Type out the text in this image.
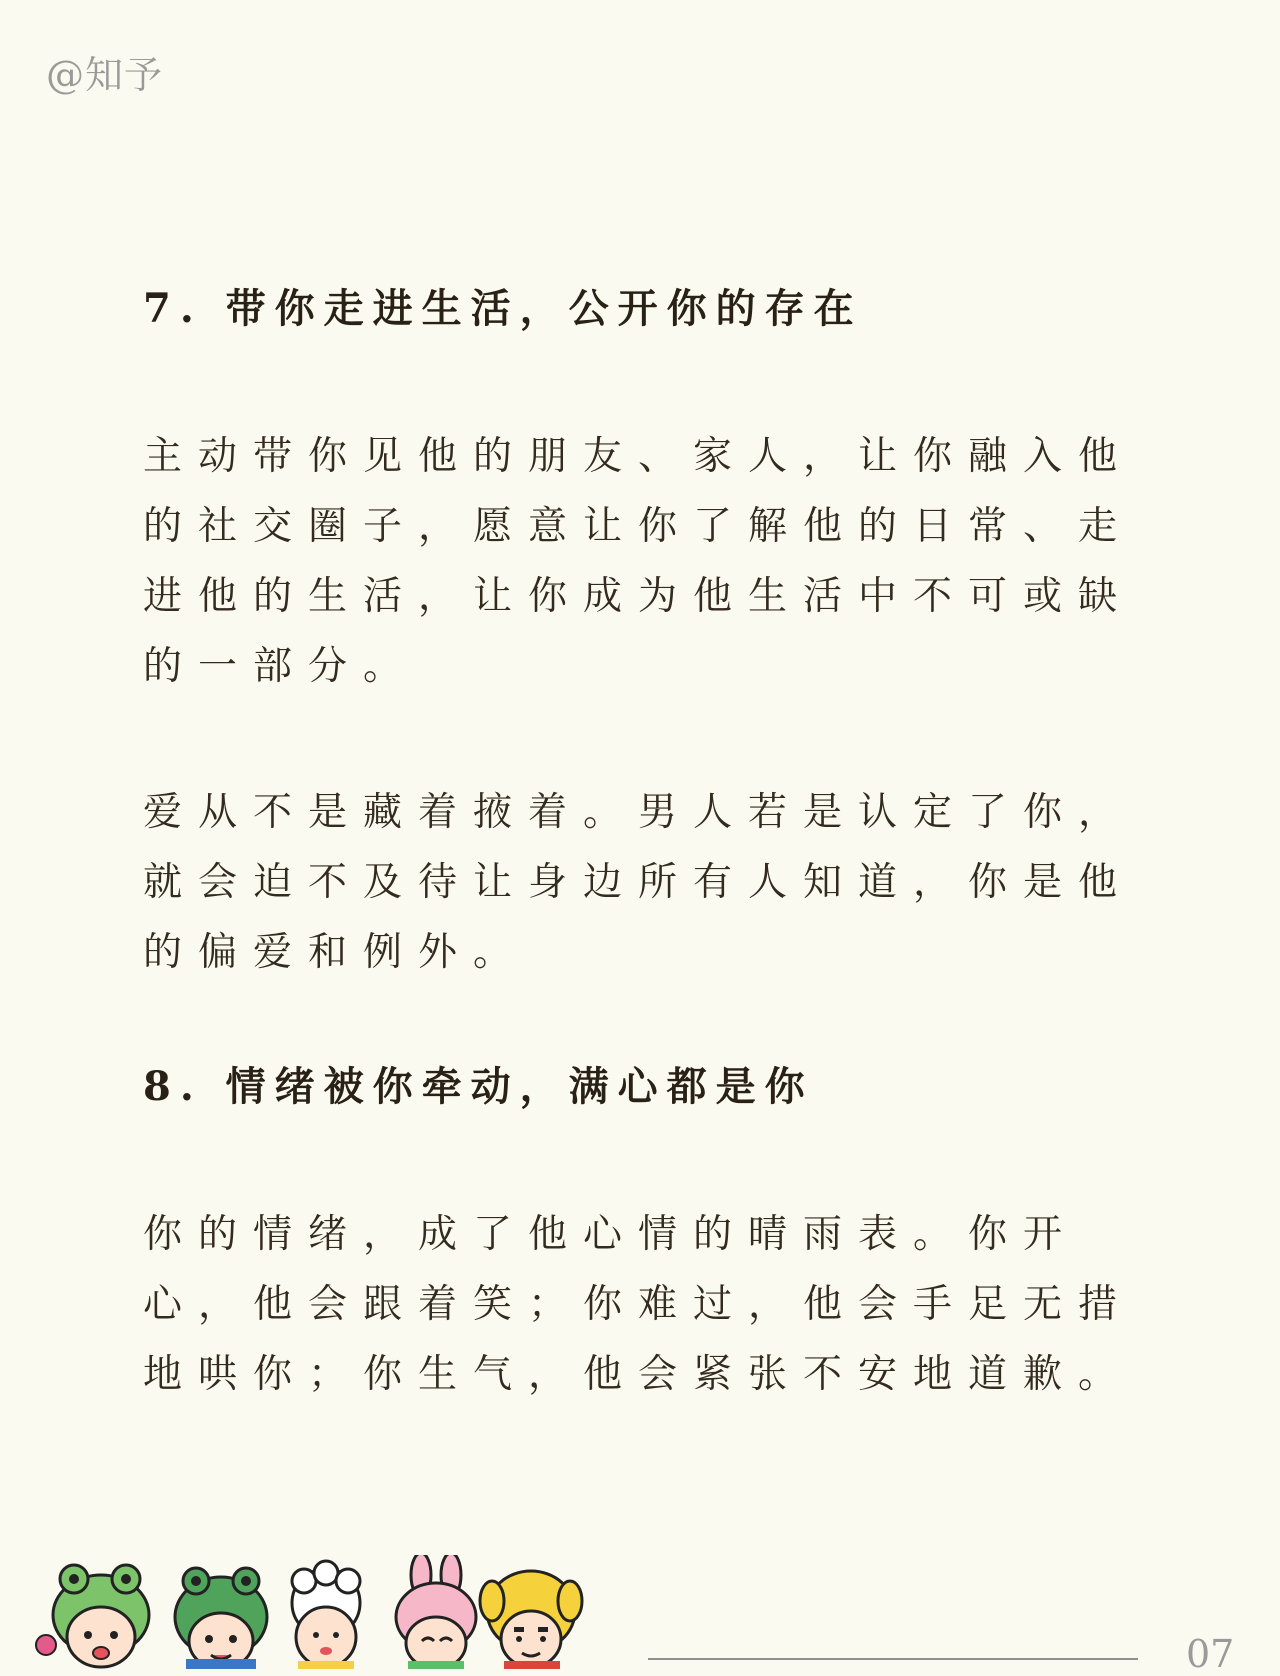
@知予
7. 带你走进生活，公开你的存在

主动带你见他的朋友、家人，让你融入他

的社交圈子，愿意让你了解他的日常、走

进他的生活，让你成为他生活中不可或缺

的一部分。

爱从不是藏着掖着。男人若是认定了你，

就会迫不及待让身边所有人知道，你是他

的偏爱和例外。

8. 情绪被你牵动，满心都是你

你的情绪，成了他心情的晴雨表。你开

心，他会跟着笑；你难过，他会手足无措

地哄你；你生气，他会紧张不安地道歉。

07
